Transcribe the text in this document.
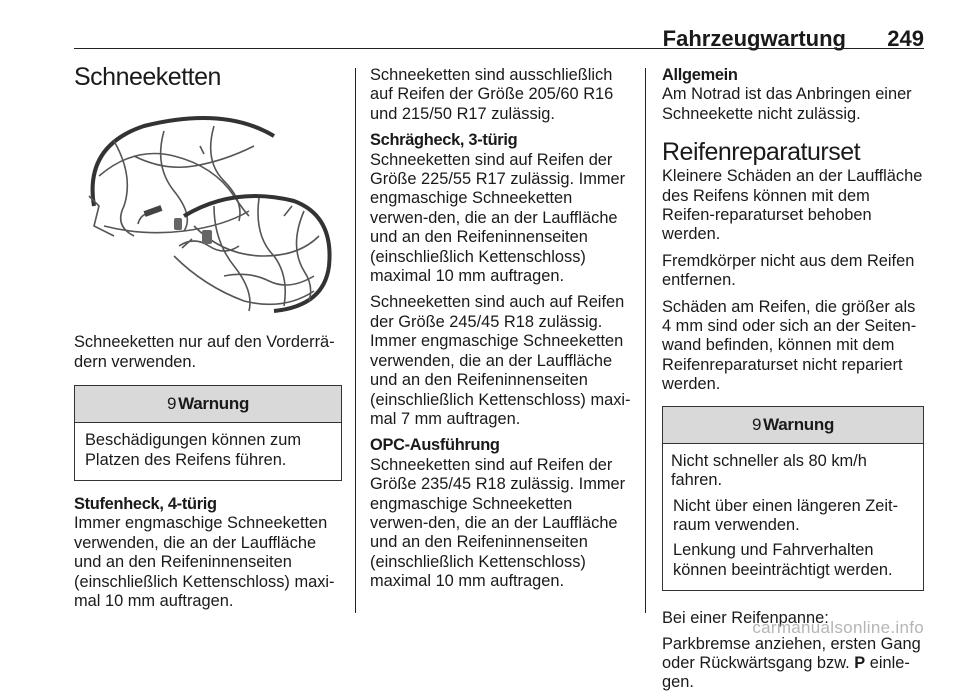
Fahrzeugwartung 249
Schneeketten

Schneeketten nur auf den Vorderrä-dern verwenden.

9 Warnung

Beschädigungen können zum Platzen des Reifens führen.

Stufenheck, 4-türig

Immer engmaschige Schneeketten verwenden, die an der Lauffläche und an den Reifeninnenseiten (einschließlich Kettenschloss) maxi-mal 10 mm auftragen.

Schneeketten sind ausschließlich auf Reifen der Größe 205/60 R16 und 215/50 R17 zulässig.

Schrägheck, 3-türig

Schneeketten sind auf Reifen der Größe 225/55 R17 zulässig. Immer engmaschige Schneeketten verwen-den, die an der Lauffläche und an den Reifeninnenseiten (einschließlich Kettenschloss) maximal 10 mm auftragen.

Schneeketten sind auch auf Reifen der Größe 245/45 R18 zulässig. Immer engmaschige Schneeketten verwenden, die an der Lauffläche und an den Reifeninnenseiten (einschließlich Kettenschloss) maxi-mal 7 mm auftragen.

OPC-Ausführung

Schneeketten sind auf Reifen der Größe 235/45 R18 zulässig. Immer engmaschige Schneeketten verwen-den, die an der Lauffläche und an den Reifeninnenseiten (einschließlich Kettenschloss) maximal 10 mm auftragen.

Allgemein

Am Notrad ist das Anbringen einer Schneekette nicht zulässig.

Reifenreparaturset

Kleinere Schäden an der Lauffläche des Reifens können mit dem Reifen-reparaturset behoben werden.

Fremdkörper nicht aus dem Reifen entfernen.

Schäden am Reifen, die größer als 4 mm sind oder sich an der Seiten-wand befinden, können mit dem Reifenreparaturset nicht repariert werden.

9 Warnung

Nicht schneller als 80 km/h fahren.

Nicht über einen längeren Zeit-raum verwenden.

Lenkung und Fahrverhalten können beeinträchtigt werden.

Bei einer Reifenpanne:

Parkbremse anziehen, ersten Gang oder Rückwärtsgang bzw. P einle-gen.

carmanualsonline.info
